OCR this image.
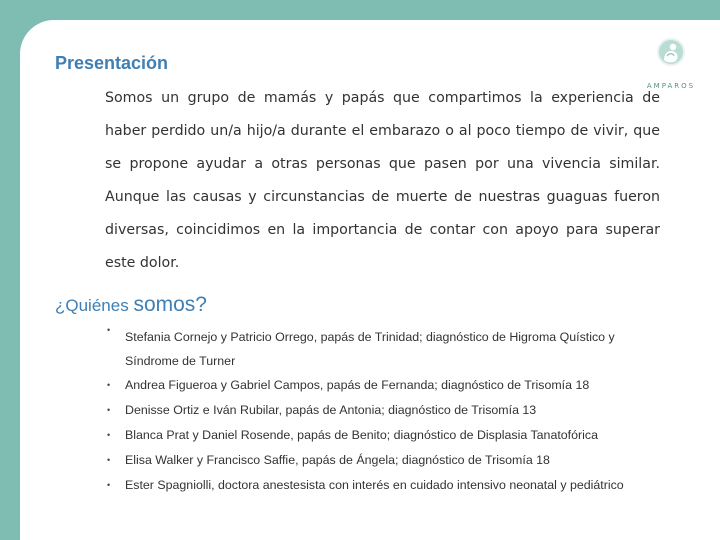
Presentación
AMPAROS

Somos un grupo de mamás y papás que compartimos la experiencia de haber perdido un/a hijo/a durante el embarazo o al poco tiempo de vivir, que se propone ayudar a otras personas que pasen por una vivencia similar. Aunque las causas y circunstancias de muerte de nuestras guaguas fueron diversas, coincidimos en la importancia de contar con apoyo para superar este dolor.

¿Quiénes somos?
• Stefania Cornejo y Patricio Orrego, papás de Trinidad; diagnóstico de Higroma Quístico y Síndrome de Turner
• Andrea Figueroa y Gabriel Campos, papás de Fernanda; diagnóstico de Trisomía 18
• Denisse Ortiz e Iván Rubilar, papás de Antonia; diagnóstico de Trisomía 13
• Blanca Prat y Daniel Rosende, papás de Benito; diagnóstico de Displasia Tanatofórica
• Elisa Walker y Francisco Saffie, papás de Ángela; diagnóstico de Trisomía 18
• Ester Spagniolli, doctora anestesista con interés en cuidado intensivo neonatal y pediátrico
